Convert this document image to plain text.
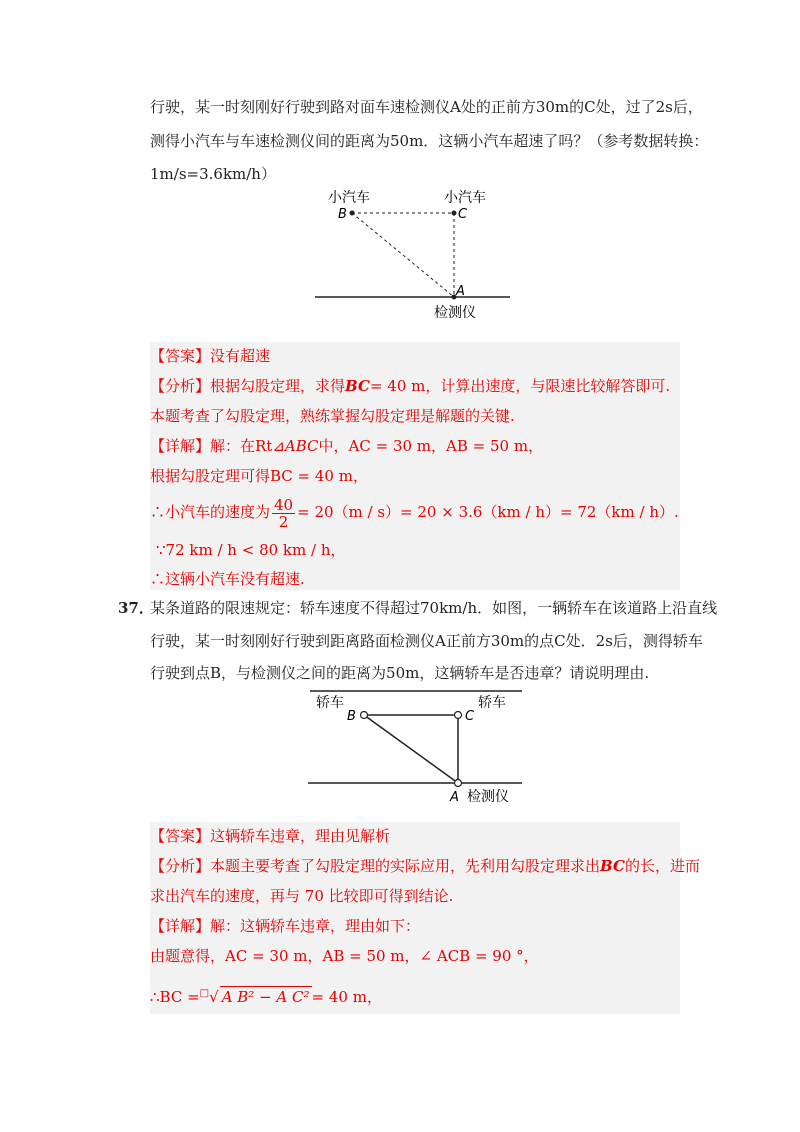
行驶，某一时刻刚好行驶到路对面车速检测仪A处的正前方30m的C处，过了2s后，
测得小汽车与车速检测仪间的距离为50m．这辆小汽车超速了吗？（参考数据转换：
1m/s=3.6km/h）
小汽车	小汽车
B	C
A
检测仪
【答案】没有超速
【分析】根据勾股定理，求得BC= 40 m，计算出速度，与限速比较解答即可.
本题考查了勾股定理，熟练掌握勾股定理是解题的关键.
【详解】解：在Rt⊿ABC中，AC = 30 m，AB = 50 m，
根据勾股定理可得BC = 40 m，
∴小汽车的速度为 $\frac{40}{2} = 20(m / s)= 20 \times 3.6(km / h)= 72(km / h)$.
∵72 km / h < 80 km / h，
∴这辆小汽车没有超速.
37．
某条道路的限速规定：轿车速度不得超过70km/h．如图，一辆轿车在该道路上沿直线
行驶，某一时刻刚好行驶到距离路面检测仪A正前方30m的点C处．2s后，测得轿车
行驶到点B，与检测仪之间的距离为50m，这辆轿车是否违章？请说明理由.
轿车	轿车
B	C
A 检测仪
【答案】这辆轿车违章，理由见解析
【分析】本题主要考查了勾股定理的实际应用，先利用勾股定理求出BC的长，进而
求出汽车的速度，再与 70 比较即可得到结论.
【详解】解：这辆轿车违章，理由如下：
由题意得，AC = 30 m，AB = 50 m，∠ ACB = 90 °，
∴BC =□√ A B² − A C² = 40 m，
